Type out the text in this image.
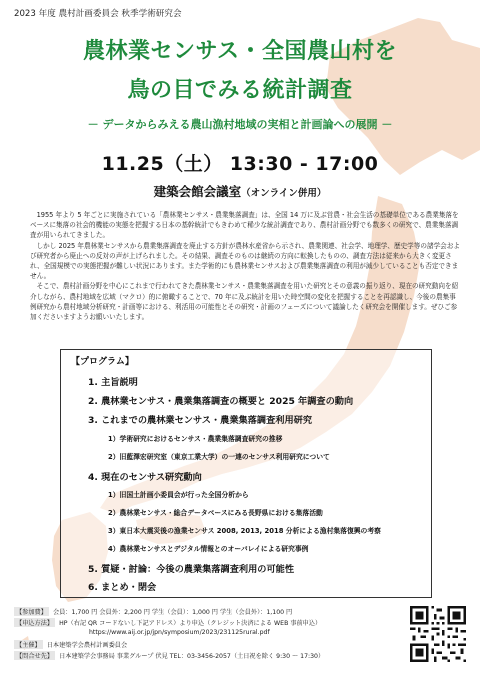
2023 年度 農村計画委員会 秋季学術研究会
農林業センサス・全国農山村を
鳥の目でみる統計調査
－ データからみえる農山漁村地域の実相と計画論への展開 －
11.25（土） 13:30 - 17:00
建築会館会議室（オンライン併用）

1955 年より 5 年ごとに実施されている「農林業センサス・農業集落調査」は、全国 14 万に及ぶ営農・社会生活の基礎単位である農業集落をベースに集落の社会的機能の実態を把握する日本の基幹統計でもきわめて稀少な統計調査であり、農村計画分野でも数多くの研究で、農業集落調査が用いられてきました。

しかし 2025 年農林業センサスから農業集落調査を廃止する方針が農林水産省から示され、農業関連、社会学、地理学、歴史学等の諸学会および研究者から廃止への反対の声が上げられました。その結果、調査そのものは継続の方向に転換したものの、調査方法は従来から大きく変更され、全国規模での実態把握が難しい状況にあります。また学術的にも農林業センサスおよび農業集落調査の利用が減少していることも否定できません。

そこで、農村計画分野を中心にこれまで行われてきた農林業センサス・農業集落調査を用いた研究とその意義の振り返り、現在の研究動向を紹介しながら、農村地域を広域（マクロ）的に俯瞰することで、70 年に及ぶ統計を用いた時空間の変化を把握することを再認識し、今後の農集事例研究から農村地域分析研究・計画等における、利活用の可能性とその研究・計画のフェーズについて議論したく研究会を開催します。ぜひご参加くださいますようお願いいたします。

【プログラム】
1. 主旨説明
2. 農林業センサス・農業集落調査の概要と 2025 年調査の動向
3. これまでの農林業センサス・農業集落調査利用研究
1）学術研究におけるセンサス・農業集落調査研究の推移
2）旧藍澤宏研究室（東京工業大学）の一連のセンサス利用研究について
4. 現在のセンサス研究動向
1）旧国土計画小委員会が行った全国分析から
2）農林業センサス・総合データベースにみる長野県における集落活動
3）東日本大震災後の漁業センサス 2008, 2013, 2018 分析による漁村集落復興の考察
4）農林業センサスとデジタル情報とのオーバレイによる研究事例
5. 質疑・討論：今後の農業集落調査利用の可能性
6. まとめ・閉会
【参加費】 会員：1,700 円 会員外：2,200 円 学生（会員）：1,000 円 学生（会員外）：1,100 円
【申込方法】 HP（右記 QR コードないし下記アドレス）より申込（クレジット決済による WEB 事前申込）
https://www.aij.or.jp/jpn/symposium/2023/231125rural.pdf
【主催】 日本建築学会農村計画委員会
【問合せ先】 日本建築学会事務局 事業グループ 伏見 TEL：03-3456-2057（土日祝を除く 9:30 ～ 17:30）
